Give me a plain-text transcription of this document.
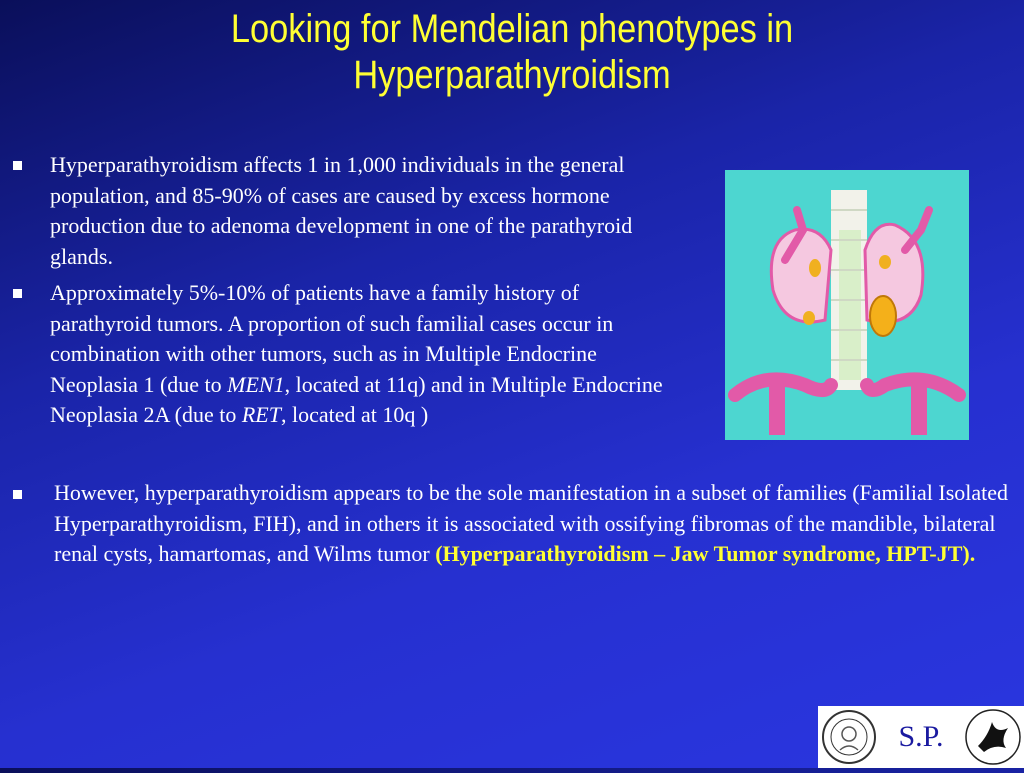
Looking for Mendelian phenotypes in
Hyperparathyroidism
Hyperparathyroidism affects 1 in 1,000 individuals in the general population, and 85-90% of cases are caused by excess hormone production due to adenoma development in one of the parathyroid glands.
Approximately 5%-10% of patients have a family history of parathyroid tumors. A proportion of such familial cases occur in combination with other tumors, such as in Multiple Endocrine Neoplasia 1 (due to MEN1, located at 11q) and in Multiple Endocrine Neoplasia 2A (due to RET, located at 10q )
However, hyperparathyroidism appears to be the sole manifestation in a subset of families (Familial Isolated Hyperparathyroidism, FIH), and in others it is associated with ossifying fibromas of the mandible, bilateral renal cysts, hamartomas, and Wilms tumor (Hyperparathyroidism – Jaw Tumor syndrome, HPT-JT).
S.P.
